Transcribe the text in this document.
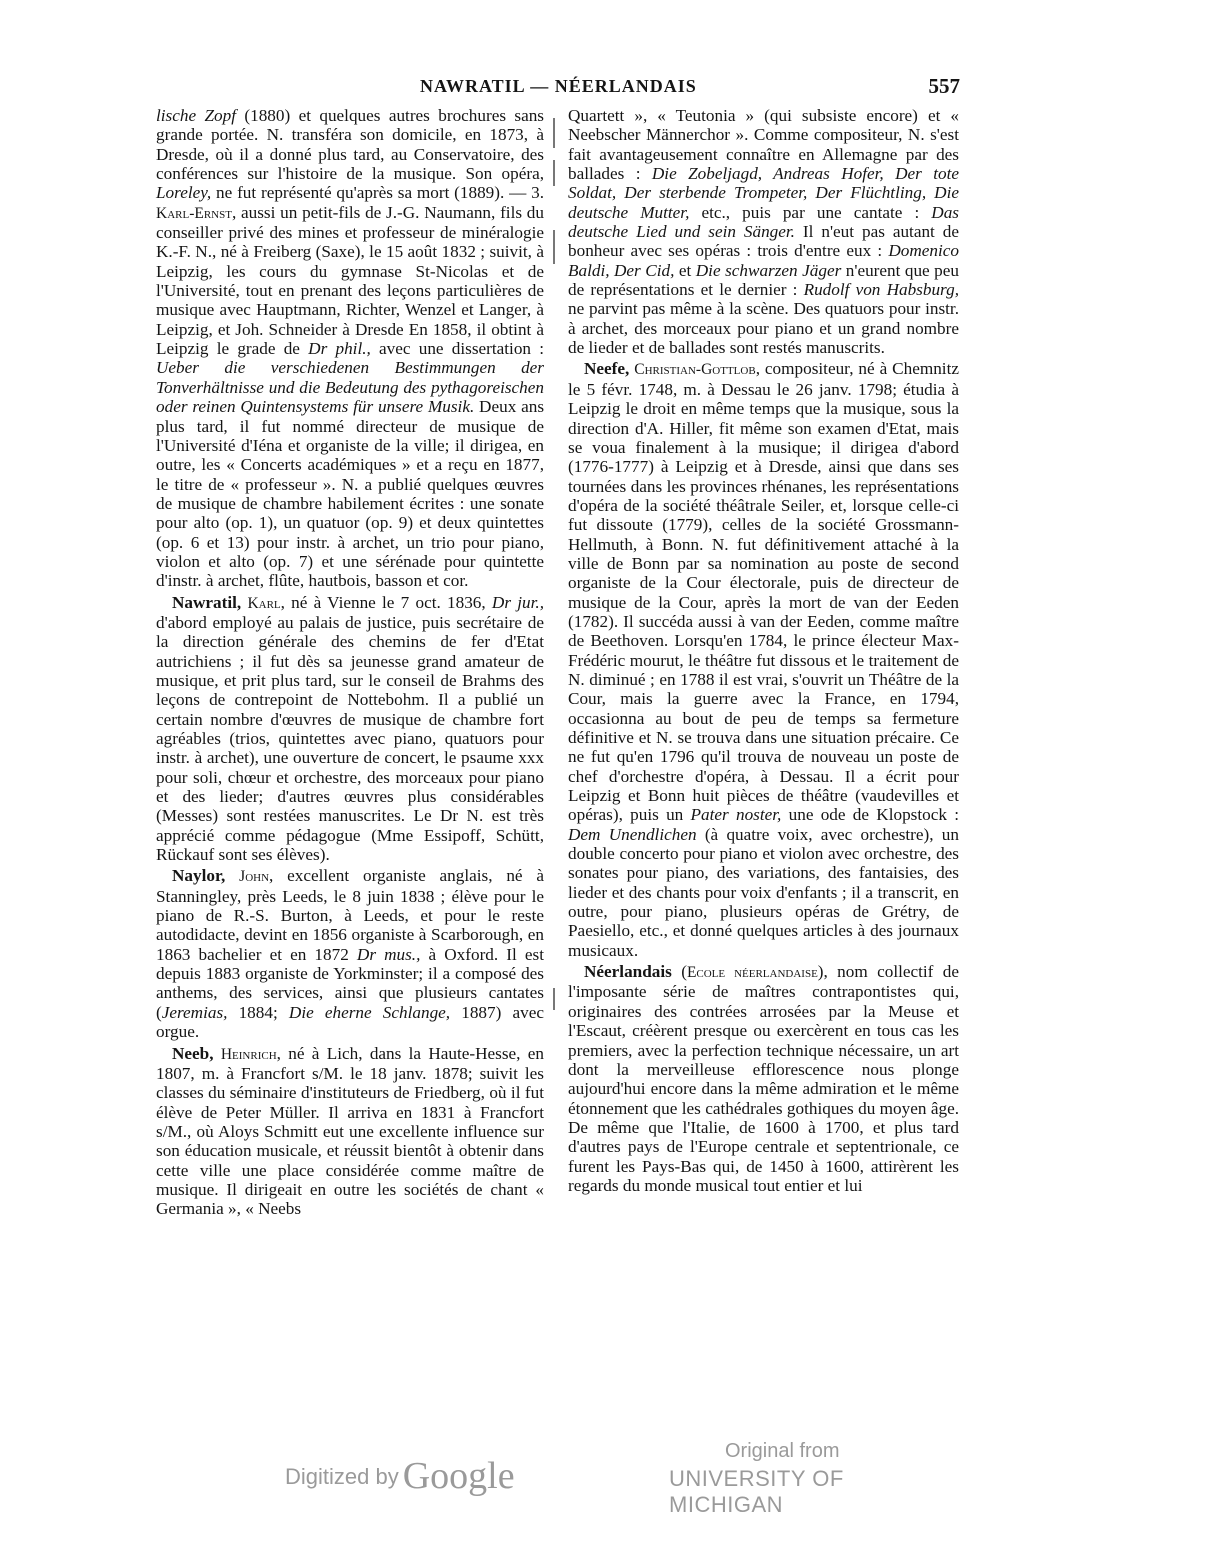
NAWRATIL — NÉERLANDAIS	557

lische Zopf (1880) et quelques autres brochures sans grande portée. N. transféra son domicile, en 1873, à Dresde, où il a donné plus tard, au Conservatoire, des conférences sur l'histoire de la musique. Son opéra, Loreley, ne fut représenté qu'après sa mort (1889). — 3. Karl-Ernst, aussi un petit-fils de J.-G. Naumann, fils du conseiller privé des mines et professeur de minéralogie K.-F. N., né à Freiberg (Saxe), le 15 août 1832 ; suivit, à Leipzig, les cours du gymnase St-Nicolas et de l'Université, tout en prenant des leçons particulières de musique avec Hauptmann, Richter, Wenzel et Langer, à Leipzig, et Joh. Schneider à Dresde En 1858, il obtint à Leipzig le grade de Dr phil., avec une dissertation : Ueber die verschiedenen Bestimmungen der Tonverhältnisse und die Bedeutung des pythagoreischen oder reinen Quintensystems für unsere Musik. Deux ans plus tard, il fut nommé directeur de musique de l'Université d'Iéna et organiste de la ville; il dirigea, en outre, les « Concerts académiques » et a reçu en 1877, le titre de « professeur ». N. a publié quelques œuvres de musique de chambre habilement écrites : une sonate pour alto (op. 1), un quatuor (op. 9) et deux quintettes (op. 6 et 13) pour instr. à archet, un trio pour piano, violon et alto (op. 7) et une sérénade pour quintette d'instr. à archet, flûte, hautbois, basson et cor.

Nawratil, Karl, né à Vienne le 7 oct. 1836, Dr jur., d'abord employé au palais de justice, puis secrétaire de la direction générale des chemins de fer d'Etat autrichiens ; il fut dès sa jeunesse grand amateur de musique, et prit plus tard, sur le conseil de Brahms des leçons de contrepoint de Nottebohm. Il a publié un certain nombre d'œuvres de musique de chambre fort agréables (trios, quintettes avec piano, quatuors pour instr. à archet), une ouverture de concert, le psaume xxx pour soli, chœur et orchestre, des morceaux pour piano et des lieder; d'autres œuvres plus considérables (Messes) sont restées manuscrites. Le Dr N. est très apprécié comme pédagogue (Mme Essipoff, Schütt, Rückauf sont ses élèves).

Naylor, John, excellent organiste anglais, né à Stanningley, près Leeds, le 8 juin 1838 ; élève pour le piano de R.-S. Burton, à Leeds, et pour le reste autodidacte, devint en 1856 organiste à Scarborough, en 1863 bachelier et en 1872 Dr mus., à Oxford. Il est depuis 1883 organiste de Yorkminster; il a composé des anthems, des services, ainsi que plusieurs cantates (Jeremias, 1884; Die eherne Schlange, 1887) avec orgue.

Neeb, Heinrich, né à Lich, dans la Haute-Hesse, en 1807, m. à Francfort s/M. le 18 janv. 1878; suivit les classes du séminaire d'instituteurs de Friedberg, où il fut élève de Peter Müller. Il arriva en 1831 à Francfort s/M., où Aloys Schmitt eut une excellente influence sur son éducation musicale, et réussit bientôt à obtenir dans cette ville une place considérée comme maître de musique. Il dirigeait en outre les sociétés de chant « Germania », « Neebs

Quartett », « Teutonia » (qui subsiste encore) et « Neebscher Männerchor ». Comme compositeur, N. s'est fait avantageusement connaître en Allemagne par des ballades : Die Zobeljagd, Andreas Hofer, Der tote Soldat, Der sterbende Trompeter, Der Flüchtling, Die deutsche Mutter, etc., puis par une cantate : Das deutsche Lied und sein Sänger. Il n'eut pas autant de bonheur avec ses opéras : trois d'entre eux : Domenico Baldi, Der Cid, et Die schwarzen Jäger n'eurent que peu de représentations et le dernier : Rudolf von Habsburg, ne parvint pas même à la scène. Des quatuors pour instr. à archet, des morceaux pour piano et un grand nombre de lieder et de ballades sont restés manuscrits.

Neefe, Christian-Gottlob, compositeur, né à Chemnitz le 5 févr. 1748, m. à Dessau le 26 janv. 1798; étudia à Leipzig le droit en même temps que la musique, sous la direction d'A. Hiller, fit même son examen d'Etat, mais se voua finalement à la musique; il dirigea d'abord (1776-1777) à Leipzig et à Dresde, ainsi que dans ses tournées dans les provinces rhénanes, les représentations d'opéra de la société théâtrale Seiler, et, lorsque celle-ci fut dissoute (1779), celles de la société Grossmann-Hellmuth, à Bonn. N. fut définitivement attaché à la ville de Bonn par sa nomination au poste de second organiste de la Cour électorale, puis de directeur de musique de la Cour, après la mort de van der Eeden (1782). Il succéda aussi à van der Eeden, comme maître de Beethoven. Lorsqu'en 1784, le prince électeur Max-Frédéric mourut, le théâtre fut dissous et le traitement de N. diminué ; en 1788 il est vrai, s'ouvrit un Théâtre de la Cour, mais la guerre avec la France, en 1794, occasionna au bout de peu de temps sa fermeture définitive et N. se trouva dans une situation précaire. Ce ne fut qu'en 1796 qu'il trouva de nouveau un poste de chef d'orchestre d'opéra, à Dessau. Il a écrit pour Leipzig et Bonn huit pièces de théâtre (vaudevilles et opéras), puis un Pater noster, une ode de Klopstock : Dem Unendlichen (à quatre voix, avec orchestre), un double concerto pour piano et violon avec orchestre, des sonates pour piano, des variations, des fantaisies, des lieder et des chants pour voix d'enfants ; il a transcrit, en outre, pour piano, plusieurs opéras de Grétry, de Paesiello, etc., et donné quelques articles à des journaux musicaux.

Néerlandais (Ecole néerlandaise), nom collectif de l'imposante série de maîtres contrapontistes qui, originaires des contrées arrosées par la Meuse et l'Escaut, créèrent presque ou exercèrent en tous cas les premiers, avec la perfection technique nécessaire, un art dont la merveilleuse efflorescence nous plonge aujourd'hui encore dans la même admiration et le même étonnement que les cathédrales gothiques du moyen âge. De même que l'Italie, de 1600 à 1700, et plus tard d'autres pays de l'Europe centrale et septentrionale, ce furent les Pays-Bas qui, de 1450 à 1600, attirèrent les regards du monde musical tout entier et lui

Digitized by Google
Original from
UNIVERSITY OF MICHIGAN
